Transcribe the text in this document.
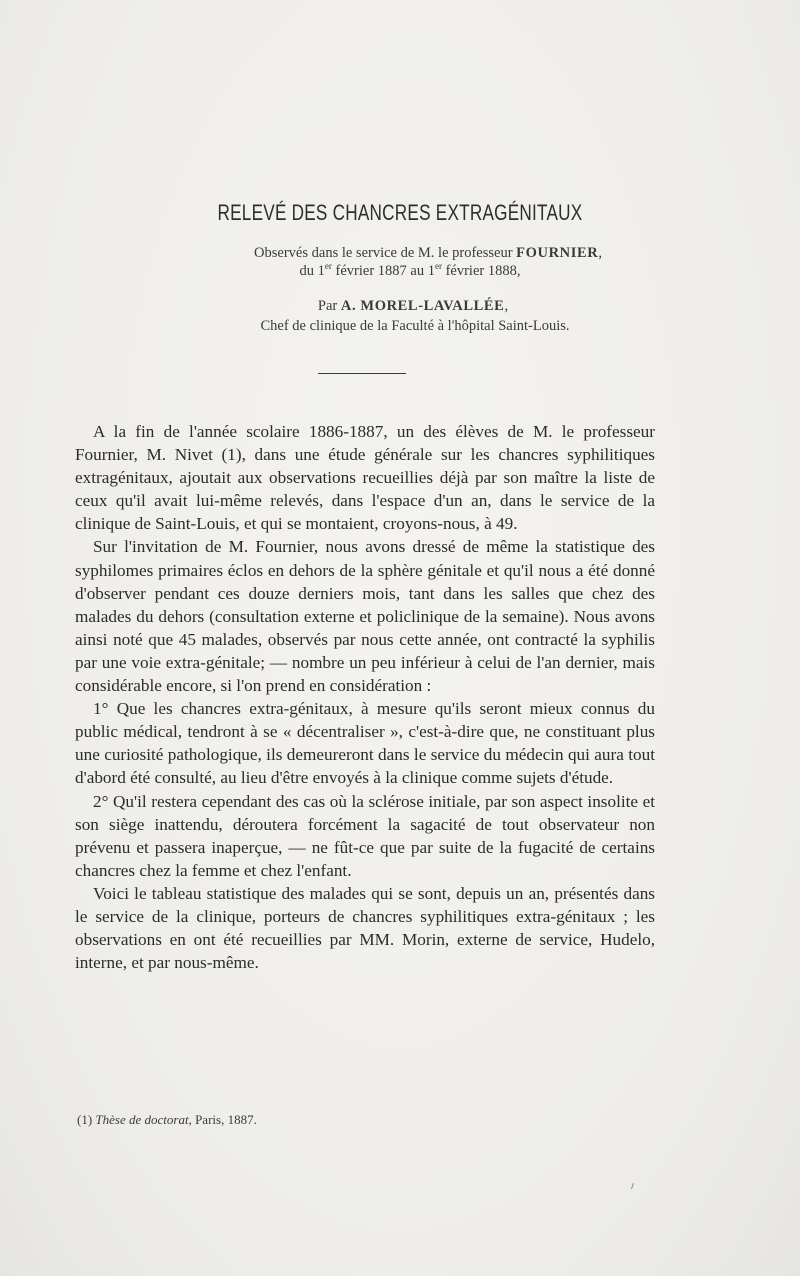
RELEVÉ DES CHANCRES EXTRAGÉNITAUX
Observés dans le service de M. le professeur FOURNIER,
du 1er février 1887 au 1er février 1888,
Par A. MOREL-LAVALLÉE,
Chef de clinique de la Faculté à l'hôpital Saint-Louis.

A la fin de l'année scolaire 1886-1887, un des élèves de M. le professeur Fournier, M. Nivet (1), dans une étude générale sur les chancres syphilitiques extragénitaux, ajoutait aux observations recueillies déjà par son maître la liste de ceux qu'il avait lui-même relevés, dans l'espace d'un an, dans le service de la clinique de Saint-Louis, et qui se montaient, croyons-nous, à 49.

Sur l'invitation de M. Fournier, nous avons dressé de même la statistique des syphilomes primaires éclos en dehors de la sphère génitale et qu'il nous a été donné d'observer pendant ces douze derniers mois, tant dans les salles que chez des malades du dehors (consultation externe et policlinique de la semaine). Nous avons ainsi noté que 45 malades, observés par nous cette année, ont contracté la syphilis par une voie extra-génitale; — nombre un peu inférieur à celui de l'an dernier, mais considérable encore, si l'on prend en considération :

1° Que les chancres extra-génitaux, à mesure qu'ils seront mieux connus du public médical, tendront à se « décentraliser », c'est-à-dire que, ne constituant plus une curiosité pathologique, ils demeureront dans le service du médecin qui aura tout d'abord été consulté, au lieu d'être envoyés à la clinique comme sujets d'étude.

2° Qu'il restera cependant des cas où la sclérose initiale, par son aspect insolite et son siège inattendu, déroutera forcément la sagacité de tout observateur non prévenu et passera inaperçue, — ne fût-ce que par suite de la fugacité de certains chancres chez la femme et chez l'enfant.

Voici le tableau statistique des malades qui se sont, depuis un an, présentés dans le service de la clinique, porteurs de chancres syphilitiques extra-génitaux ; les observations en ont été recueillies par MM. Morin, externe de service, Hudelo, interne, et par nous-même.

(1) Thèse de doctorat, Paris, 1887.
